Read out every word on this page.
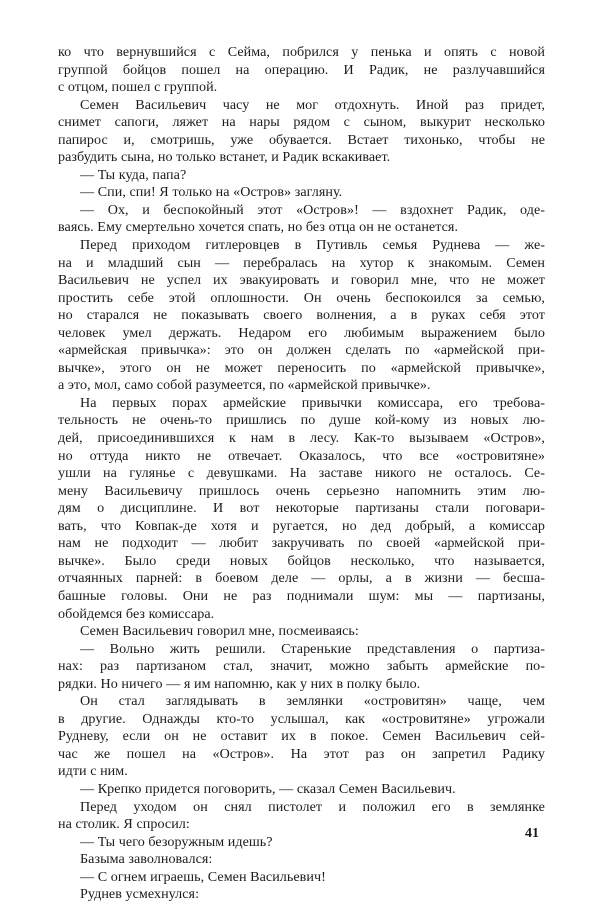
ко что вернувшийся с Сейма, побрился у пенька и опять с новой
группой бойцов пошел на операцию. И Радик, не разлучавшийся
с отцом, пошел с группой.
Семен Васильевич часу не мог отдохнуть. Иной раз придет,
снимет сапоги, ляжет на нары рядом с сыном, выкурит несколько
папирос и, смотришь, уже обувается. Встает тихонько, чтобы не
разбудить сына, но только встанет, и Радик вскакивает.
— Ты куда, папа?
— Спи, спи! Я только на «Остров» загляну.
— Ох, и беспокойный этот «Остров»! — вздохнет Радик, оде-
ваясь. Ему смертельно хочется спать, но без отца он не останется.
Перед приходом гитлеровцев в Путивль семья Руднева — же-
на и младший сын — перебралась на хутор к знакомым. Семен
Васильевич не успел их эвакуировать и говорил мне, что не может
простить себе этой оплошности. Он очень беспокоился за семью,
но старался не показывать своего волнения, а в руках себя этот
человек умел держать. Недаром его любимым выражением было
«армейская привычка»: это он должен сделать по «армейской при-
вычке», этого он не может переносить по «армейской привычке»,
а это, мол, само собой разумеется, по «армейской привычке».
На первых порах армейские привычки комиссара, его требова-
тельность не очень-то пришлись по душе кой-кому из новых лю-
дей, присоединившихся к нам в лесу. Как-то вызываем «Остров»,
но оттуда никто не отвечает. Оказалось, что все «островитяне»
ушли на гулянье с девушками. На заставе никого не осталось. Се-
мену Васильевичу пришлось очень серьезно напомнить этим лю-
дям о дисциплине. И вот некоторые партизаны стали поговари-
вать, что Ковпак-де хотя и ругается, но дед добрый, а комиссар
нам не подходит — любит закручивать по своей «армейской при-
вычке». Было среди новых бойцов несколько, что называется,
отчаянных парней: в боевом деле — орлы, а в жизни — бесша-
башные головы. Они не раз поднимали шум: мы — партизаны,
обойдемся без комиссара.
Семен Васильевич говорил мне, посмеиваясь:
— Вольно жить решили. Старенькие представления о партиза-
нах: раз партизаном стал, значит, можно забыть армейские по-
рядки. Но ничего — я им напомню, как у них в полку было.
Он стал заглядывать в землянки «островитян» чаще, чем
в другие. Однажды кто-то услышал, как «островитяне» угрожали
Рудневу, если он не оставит их в покое. Семен Васильевич сей-
час же пошел на «Остров». На этот раз он запретил Радику
идти с ним.
— Крепко придется поговорить, — сказал Семен Васильевич.
Перед уходом он снял пистолет и положил его в землянке
на столик. Я спросил:
— Ты чего безоружным идешь?
Базыма заволновался:
— С огнем играешь, Семен Васильевич!
Руднев усмехнулся:
41
